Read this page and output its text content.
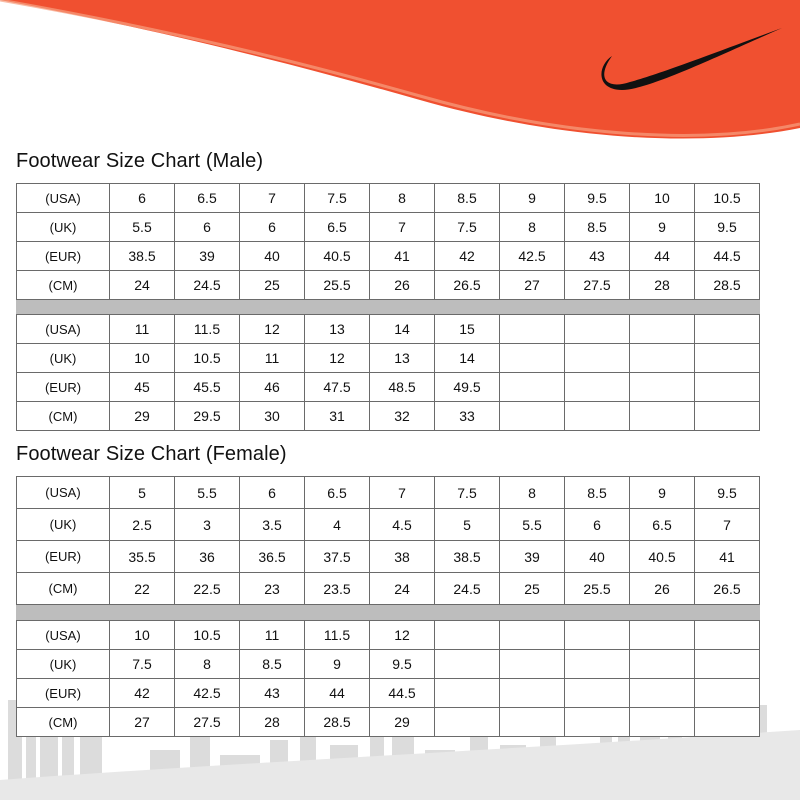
Footwear Size Chart (Male)
(USA)	6	6.5	7	7.5	8	8.5	9	9.5	10	10.5
(UK)	5.5	6	6	6.5	7	7.5	8	8.5	9	9.5
(EUR)	38.5	39	40	40.5	41	42	42.5	43	44	44.5
(CM)	24	24.5	25	25.5	26	26.5	27	27.5	28	28.5
(USA)	11	11.5	12	13	14	15				
(UK)	10	10.5	11	12	13	14				
(EUR)	45	45.5	46	47.5	48.5	49.5				
(CM)	29	29.5	30	31	32	33				
Footwear Size Chart (Female)
(USA)	5	5.5	6	6.5	7	7.5	8	8.5	9	9.5
(UK)	2.5	3	3.5	4	4.5	5	5.5	6	6.5	7
(EUR)	35.5	36	36.5	37.5	38	38.5	39	40	40.5	41
(CM)	22	22.5	23	23.5	24	24.5	25	25.5	26	26.5
(USA)	10	10.5	11	11.5	12					
(UK)	7.5	8	8.5	9	9.5					
(EUR)	42	42.5	43	44	44.5					
(CM)	27	27.5	28	28.5	29					
